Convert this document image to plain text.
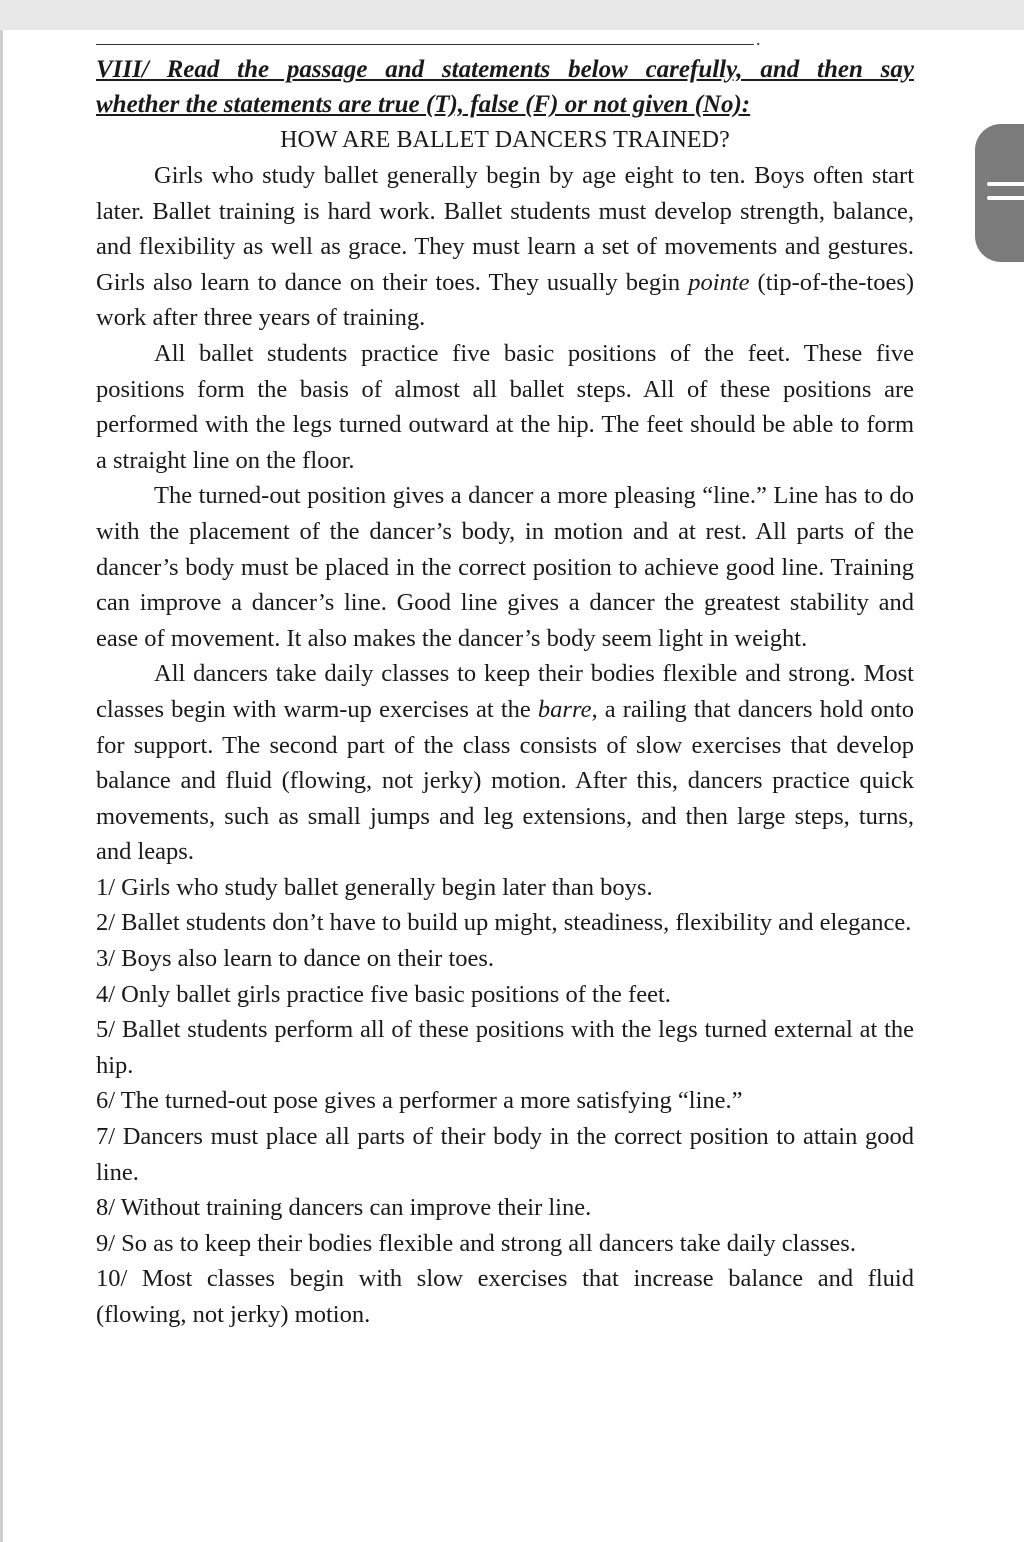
.

VIII/ Read the passage and statements below carefully, and then say
whether the statements are true (T), false (F) or not given (No):

HOW ARE BALLET DANCERS TRAINED?

Girls who study ballet generally begin by age eight to ten. Boys often start later. Ballet training is hard work. Ballet students must develop strength, balance, and flexibility as well as grace. They must learn a set of movements and gestures. Girls also learn to dance on their toes. They usually begin pointe (tip-of-the-toes) work after three years of training.

All ballet students practice five basic positions of the feet. These five positions form the basis of almost all ballet steps. All of these positions are performed with the legs turned outward at the hip. The feet should be able to form a straight line on the floor.

The turned-out position gives a dancer a more pleasing “line.” Line has to do with the placement of the dancer’s body, in motion and at rest. All parts of the dancer’s body must be placed in the correct position to achieve good line. Training can improve a dancer’s line. Good line gives a dancer the greatest stability and ease of movement. It also makes the dancer’s body seem light in weight.

All dancers take daily classes to keep their bodies flexible and strong. Most classes begin with warm-up exercises at the barre, a railing that dancers hold onto for support. The second part of the class consists of slow exercises that develop balance and fluid (flowing, not jerky) motion. After this, dancers practice quick movements, such as small jumps and leg extensions, and then large steps, turns, and leaps.

1/ Girls who study ballet generally begin later than boys.
2/ Ballet students don’t have to build up might, steadiness, flexibility and elegance.
3/ Boys also learn to dance on their toes.
4/ Only ballet girls practice five basic positions of the feet.
5/ Ballet students perform all of these positions with the legs turned external at the hip.
6/ The turned-out pose gives a performer a more satisfying “line.”
7/ Dancers must place all parts of their body in the correct position to attain good line.
8/ Without training dancers can improve their line.
9/ So as to keep their bodies flexible and strong all dancers take daily classes.
10/ Most classes begin with slow exercises that increase balance and fluid (flowing, not jerky) motion.
